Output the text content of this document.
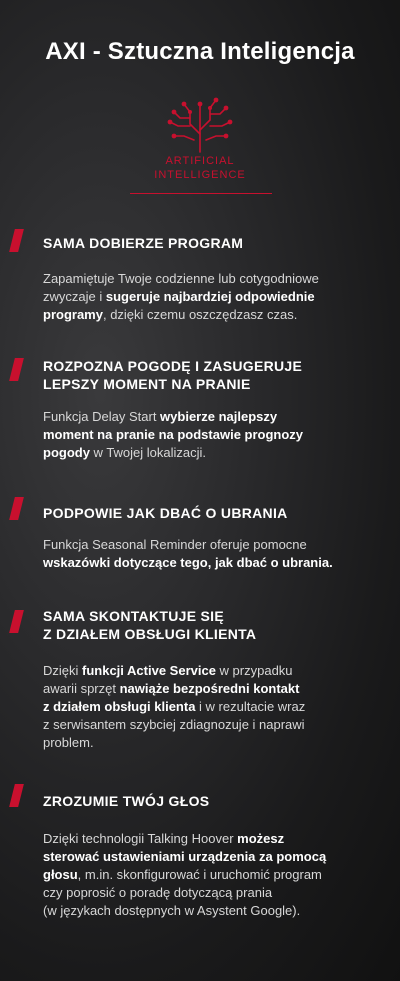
AXI - Sztuczna Inteligencja
ARTIFICIAL
INTELLIGENCE
SAMA DOBIERZE PROGRAM
Zapamiętuje Twoje codzienne lub cotygodniowe
zwyczaje i sugeruje najbardziej odpowiednie
programy, dzięki czemu oszczędzasz czas.
ROZPOZNA POGODĘ I ZASUGERUJE
LEPSZY MOMENT NA PRANIE
Funkcja Delay Start wybierze najlepszy
moment na pranie na podstawie prognozy
pogody w Twojej lokalizacji.
PODPOWIE JAK DBAĆ O UBRANIA
Funkcja Seasonal Reminder oferuje pomocne
wskazówki dotyczące tego, jak dbać o ubrania.
SAMA SKONTAKTUJE SIĘ
Z DZIAŁEM OBSŁUGI KLIENTA
Dzięki funkcji Active Service w przypadku
awarii sprzęt nawiąże bezpośredni kontakt
z działem obsługi klienta i w rezultacie wraz
z serwisantem szybciej zdiagnozuje i naprawi
problem.
ZROZUMIE TWÓJ GŁOS
Dzięki technologii Talking Hoover możesz
sterować ustawieniami urządzenia za pomocą
głosu, m.in. skonfigurować i uruchomić program
czy poprosić o poradę dotyczącą prania
(w językach dostępnych w Asystent Google).
